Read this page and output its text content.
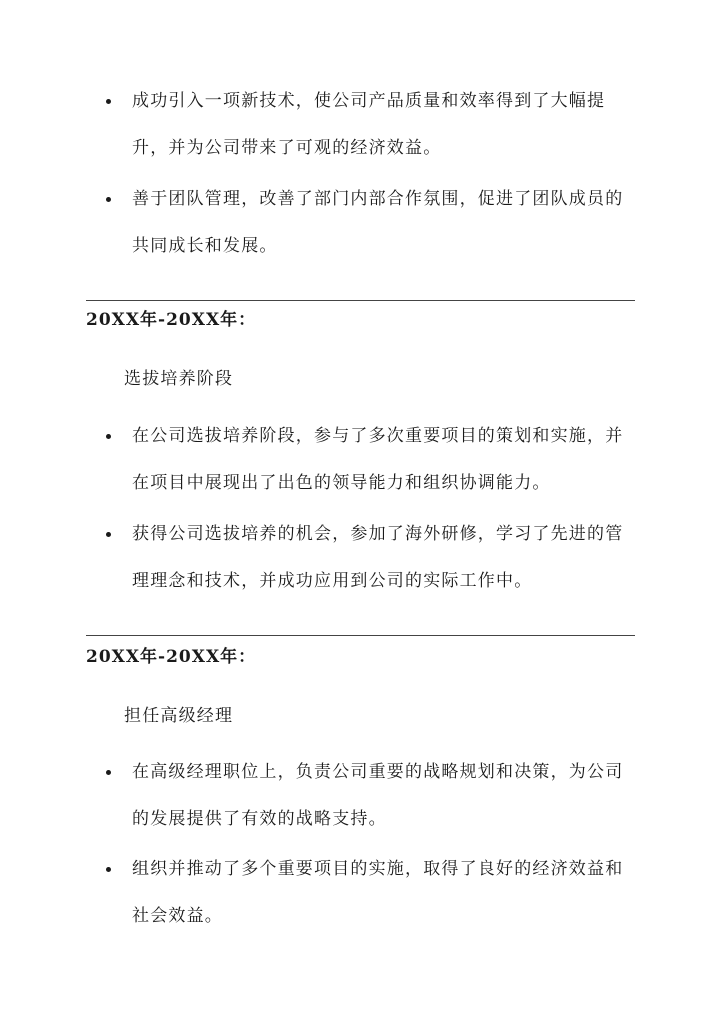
成功引入一项新技术，使公司产品质量和效率得到了大幅提升，并为公司带来了可观的经济效益。
善于团队管理，改善了部门内部合作氛围，促进了团队成员的共同成长和发展。
20XX年-20XX年：
选拔培养阶段
在公司选拔培养阶段，参与了多次重要项目的策划和实施，并在项目中展现出了出色的领导能力和组织协调能力。
获得公司选拔培养的机会，参加了海外研修，学习了先进的管理理念和技术，并成功应用到公司的实际工作中。
20XX年-20XX年：
担任高级经理
在高级经理职位上，负责公司重要的战略规划和决策，为公司的发展提供了有效的战略支持。
组织并推动了多个重要项目的实施，取得了良好的经济效益和社会效益。
